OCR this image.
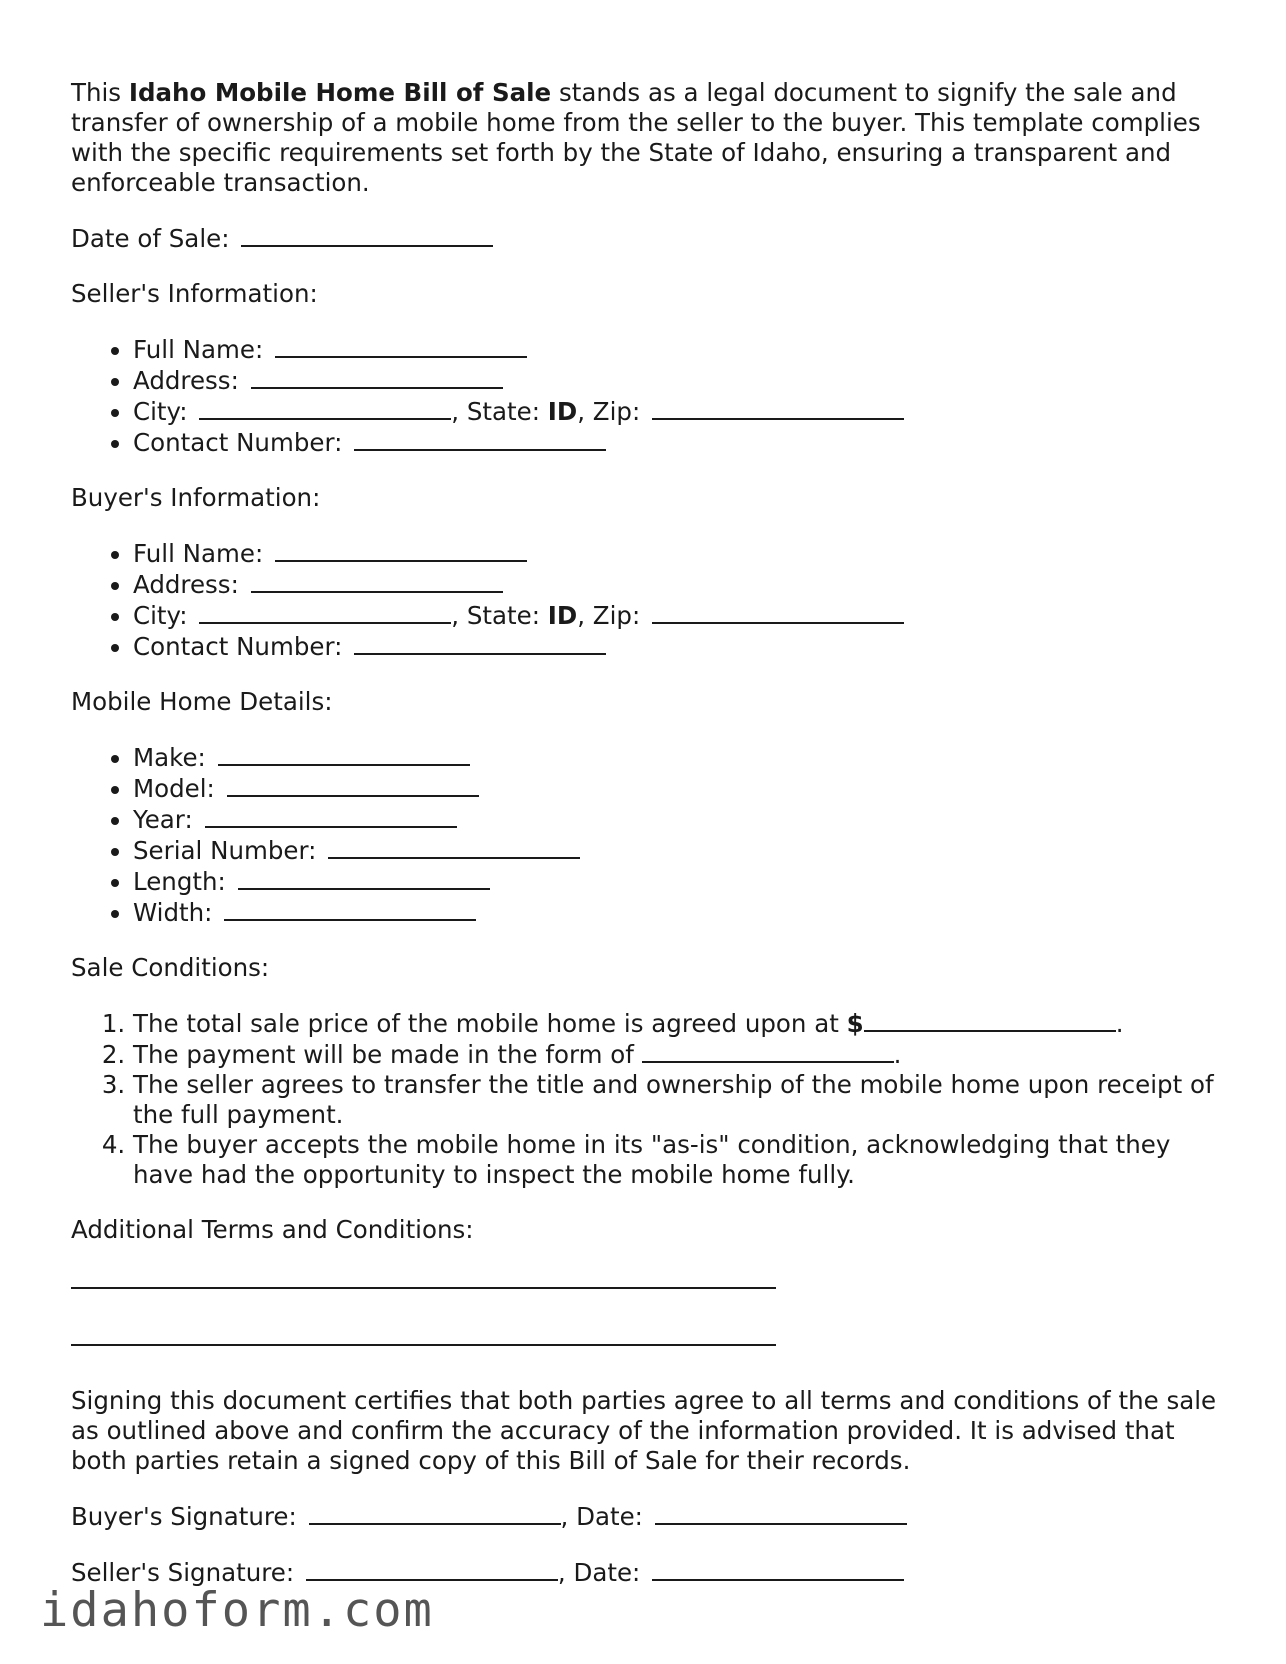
This Idaho Mobile Home Bill of Sale stands as a legal document to signify the sale and transfer of ownership of a mobile home from the seller to the buyer. This template complies with the specific requirements set forth by the State of Idaho, ensuring a transparent and enforceable transaction.

Date of Sale:

Seller's Information:

• Full Name:
• Address:
• City:	, State: ID, Zip:
• Contact Number:

Buyer's Information:

• Full Name:
• Address:
• City:	, State: ID, Zip:
• Contact Number:

Mobile Home Details:

• Make:
• Model:
• Year:
• Serial Number:
• Length:
• Width:

Sale Conditions:

1. The total sale price of the mobile home is agreed upon at $	.
2. The payment will be made in the form of	.
3. The seller agrees to transfer the title and ownership of the mobile home upon receipt of the full payment.
4. The buyer accepts the mobile home in its "as-is" condition, acknowledging that they have had the opportunity to inspect the mobile home fully.

Additional Terms and Conditions:

Signing this document certifies that both parties agree to all terms and conditions of the sale as outlined above and confirm the accuracy of the information provided. It is advised that both parties retain a signed copy of this Bill of Sale for their records.

Buyer's Signature:	, Date:

Seller's Signature:	, Date:

idahoform.com
